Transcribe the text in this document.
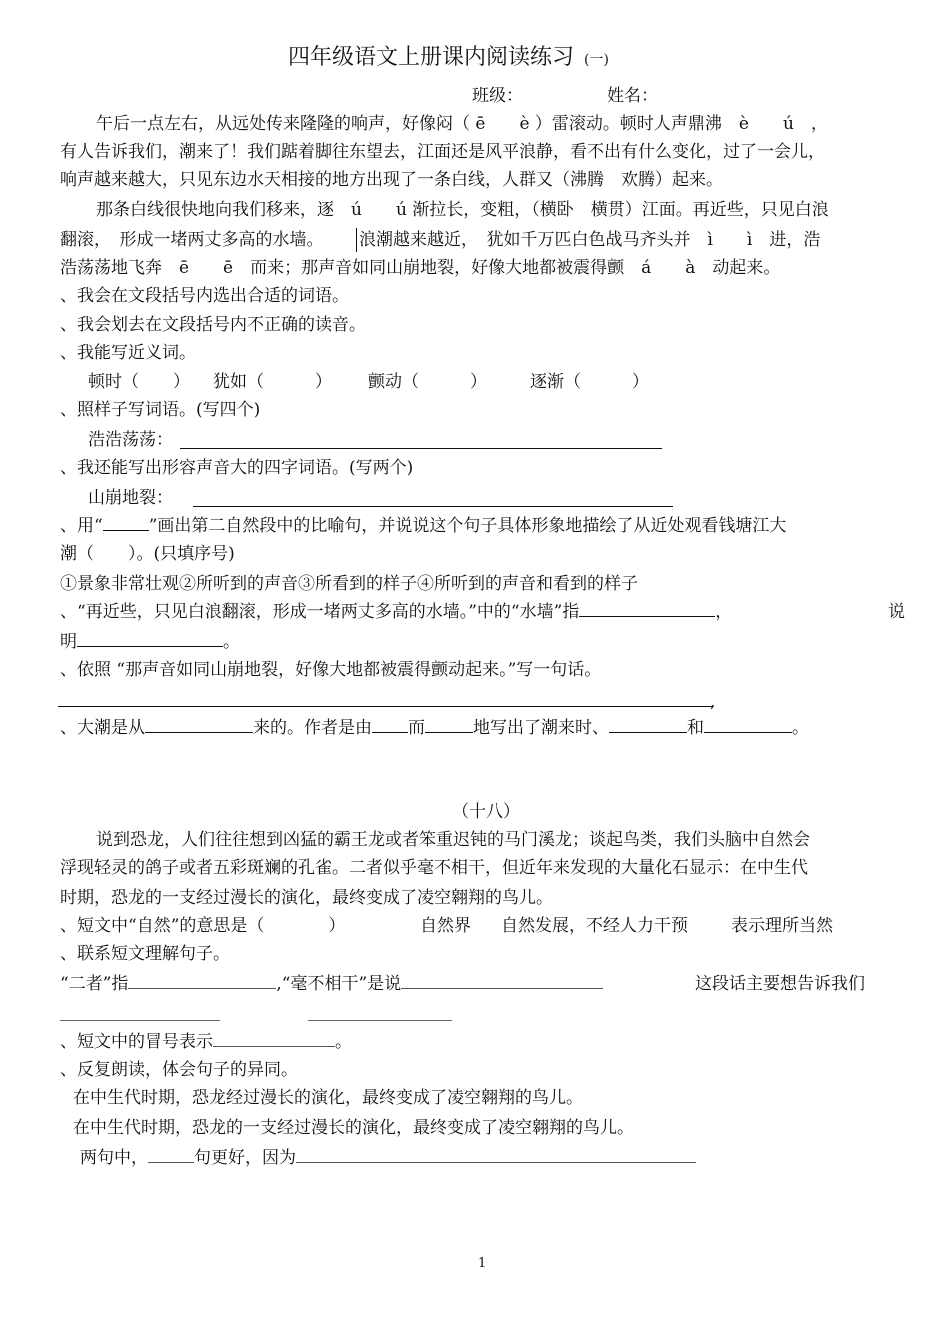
四年级语文上册课内阅读练习 (一)
班级：	姓名：
午后一点左右，从远处传来隆隆的响声，好像闷（ ē　　è ）雷滚动。顿时人声鼎沸　è　　ú　，
有人告诉我们，潮来了！我们踮着脚往东望去，江面还是风平浪静，看不出有什么变化，过了一会儿，
响声越来越大，只见东边水天相接的地方出现了一条白线，人群又（沸腾　欢腾）起来。
那条白线很快地向我们移来，逐　ú　　ú 渐拉长，变粗，（横卧　横贯）江面。再近些，只见白浪
翻滚，　形成一堵两丈多高的水墙。 浪潮越来越近，　犹如千万匹白色战马齐头并　ì　　ì　进，浩
浩荡荡地飞奔　ē　　ē　而来；那声音如同山崩地裂，好像大地都被震得颤　á　　à　动起来。
、我会在文段括号内选出合适的词语。
、我会划去在文段括号内不正确的读音。
、我能写近义词。
顿时（　　） 犹如（　　　） 颤动（　　　）	逐渐（　　　）
、照样子写词语。(写四个)
浩浩荡荡：
、我还能写出形容声音大的四字词语。(写两个)
山崩地裂：
、用“	”画出第二自然段中的比喻句，并说说这个句子具体形象地描绘了从近处观看钱塘江大
潮（　　）。(只填序号)
①景象非常壮观②所听到的声音③所看到的样子④所听到的声音和看到的样子
、“再近些，只见白浪翻滚，形成一堵两丈多高的水墙。”中的“水墙”指	，	说
明	。
、依照 “那声音如同山崩地裂，好像大地都被震得颤动起来。”写一句话。
,
、大潮是从	来的。作者是由 而	地写出了潮来时、	和	。
（十八）
说到恐龙，人们往往想到凶猛的霸王龙或者笨重迟钝的马门溪龙；谈起鸟类，我们头脑中自然会
浮现轻灵的鸽子或者五彩斑斓的孔雀。二者似乎毫不相干，但近年来发现的大量化石显示：在中生代
时期，恐龙的一支经过漫长的演化，最终变成了凌空翱翔的鸟儿。
、短文中“自然”的意思是（	）	自然界 自然发展，不经人力干预	表示理所当然
、联系短文理解句子。
“二者”指	,“毫不相干”是说	这段话主要想告诉我们
、短文中的冒号表示	。
、反复朗读，体会句子的异同。
在中生代时期，恐龙经过漫长的演化，最终变成了凌空翱翔的鸟儿。
在中生代时期，恐龙的一支经过漫长的演化，最终变成了凌空翱翔的鸟儿。
两句中，	句更好，因为
1
